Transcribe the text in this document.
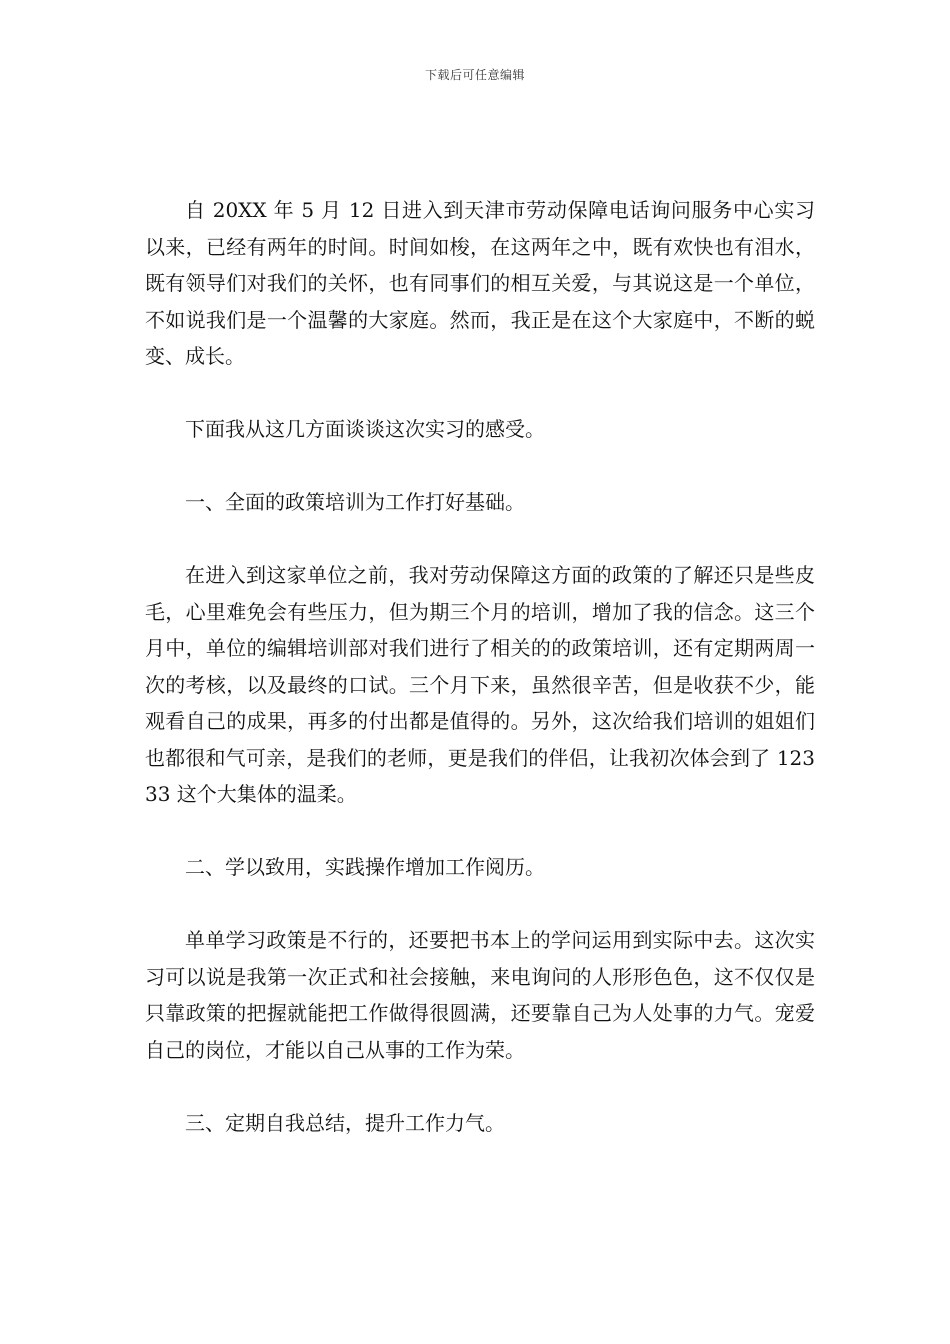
下载后可任意编辑

自 20XX 年 5 月 12 日进入到天津市劳动保障电话询问服务中心实习以来，已经有两年的时间。时间如梭，在这两年之中，既有欢快也有泪水，既有领导们对我们的关怀，也有同事们的相互关爱，与其说这是一个单位，不如说我们是一个温馨的大家庭。然而，我正是在这个大家庭中，不断的蜕变、成长。

下面我从这几方面谈谈这次实习的感受。

一、全面的政策培训为工作打好基础。

在进入到这家单位之前，我对劳动保障这方面的政策的了解还只是些皮毛，心里难免会有些压力，但为期三个月的培训，增加了我的信念。这三个月中，单位的编辑培训部对我们进行了相关的的政策培训，还有定期两周一次的考核，以及最终的口试。三个月下来，虽然很辛苦，但是收获不少，能观看自己的成果，再多的付出都是值得的。另外，这次给我们培训的姐姐们也都很和气可亲，是我们的老师，更是我们的伴侣，让我初次体会到了 12333 这个大集体的温柔。

二、学以致用，实践操作增加工作阅历。

单单学习政策是不行的，还要把书本上的学问运用到实际中去。这次实习可以说是我第一次正式和社会接触，来电询问的人形形色色，这不仅仅是只靠政策的把握就能把工作做得很圆满，还要靠自己为人处事的力气。宠爱自己的岗位，才能以自己从事的工作为荣。

三、定期自我总结，提升工作力气。
